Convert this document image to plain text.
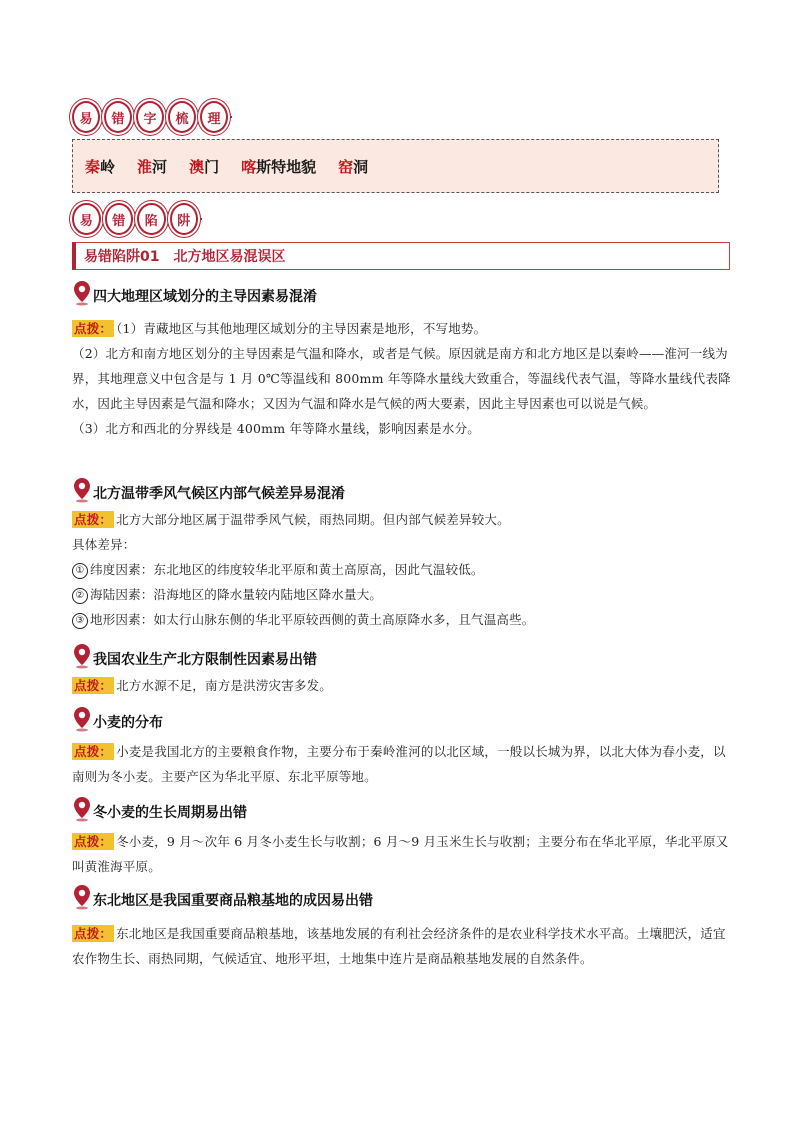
易 错 字 梳 理
秦岭 淮河 澳门 喀斯特地貌 窑洞
易 错 陷 阱
易错陷阱01　北方地区易混误区
四大地理区域划分的主导因素易混淆
点拨： （1）青藏地区与其他地理区域划分的主导因素是地形，不写地势。
（2）北方和南方地区划分的主导因素是气温和降水，或者是气候。原因就是南方和北方地区是以秦岭——淮河一线为界，其地理意义中包含是与 1 月 0℃等温线和 800mm 年等降水量线大致重合，等温线代表气温，等降水量线代表降水，因此主导因素是气温和降水；又因为气温和降水是气候的两大要素，因此主导因素也可以说是气候。
（3）北方和西北的分界线是 400mm 年等降水量线，影响因素是水分。
北方温带季风气候区内部气候差异易混淆
点拨： 北方大部分地区属于温带季风气候，雨热同期。但内部气候差异较大。
具体差异：
① 纬度因素：东北地区的纬度较华北平原和黄土高原高，因此气温较低。
② 海陆因素：沿海地区的降水量较内陆地区降水量大。
③ 地形因素：如太行山脉东侧的华北平原较西侧的黄土高原降水多，且气温高些。
我国农业生产北方限制性因素易出错
点拨： 北方水源不足，南方是洪涝灾害多发。
小麦的分布
点拨： 小麦是我国北方的主要粮食作物，主要分布于秦岭淮河的以北区域，一般以长城为界，以北大体为春小麦，以南则为冬小麦。主要产区为华北平原、东北平原等地。
冬小麦的生长周期易出错
点拨： 冬小麦，9 月～次年 6 月冬小麦生长与收割；6 月～9 月玉米生长与收割；主要分布在华北平原，华北平原又叫黄淮海平原。
东北地区是我国重要商品粮基地的成因易出错
点拨： 东北地区是我国重要商品粮基地，该基地发展的有利社会经济条件的是农业科学技术水平高。土壤肥沃，适宜农作物生长、雨热同期，气候适宜、地形平坦，土地集中连片是商品粮基地发展的自然条件。
